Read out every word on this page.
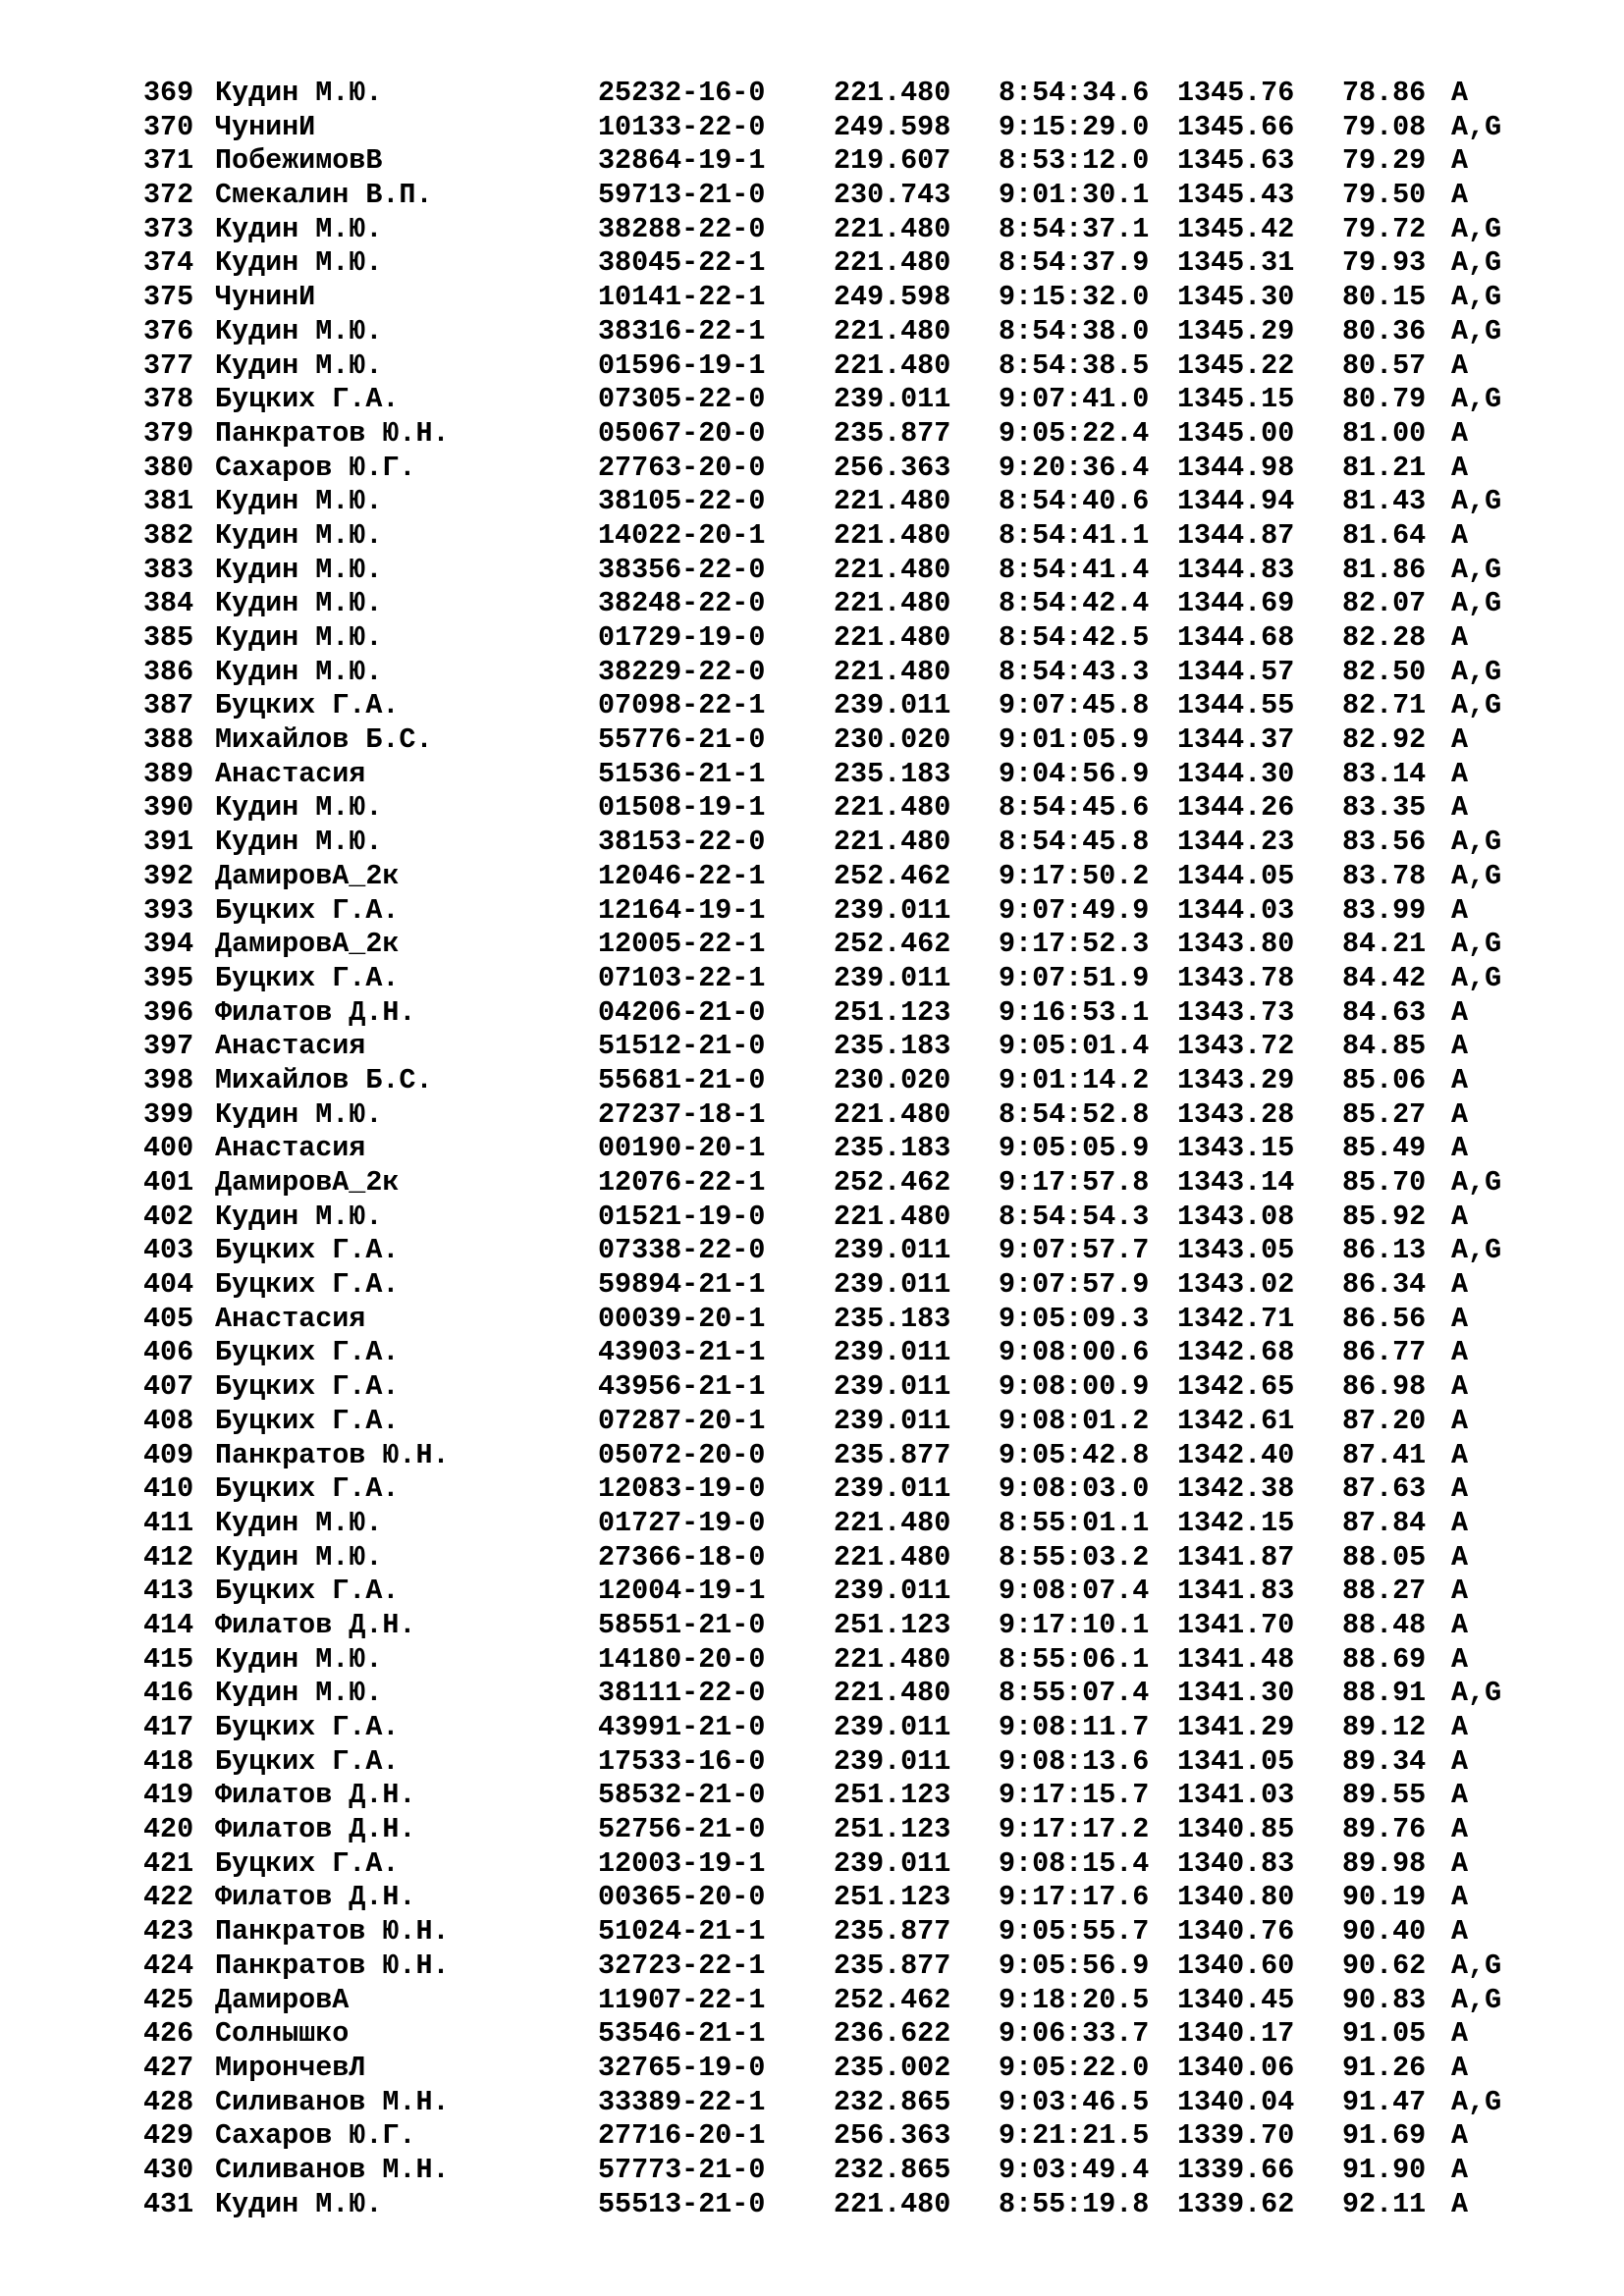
369 Кудин М.Ю.	25232-16-0 221.480 8:54:34.6 1345.76 78.86 A
370 ЧунинИ	10133-22-0 249.598 9:15:29.0 1345.66 79.08 A,G
371 ПобежимовВ	32864-19-1 219.607 8:53:12.0 1345.63 79.29 A
372 Смекалин В.П.	59713-21-0 230.743 9:01:30.1 1345.43 79.50 A
373 Кудин М.Ю.	38288-22-0 221.480 8:54:37.1 1345.42 79.72 A,G
374 Кудин М.Ю.	38045-22-1 221.480 8:54:37.9 1345.31 79.93 A,G
375 ЧунинИ	10141-22-1 249.598 9:15:32.0 1345.30 80.15 A,G
376 Кудин М.Ю.	38316-22-1 221.480 8:54:38.0 1345.29 80.36 A,G
377 Кудин М.Ю.	01596-19-1 221.480 8:54:38.5 1345.22 80.57 A
378 Буцких Г.А.	07305-22-0 239.011 9:07:41.0 1345.15 80.79 A,G
379 Панкратов Ю.Н.	05067-20-0 235.877 9:05:22.4 1345.00 81.00 A
380 Сахаров Ю.Г.	27763-20-0 256.363 9:20:36.4 1344.98 81.21 A
381 Кудин М.Ю.	38105-22-0 221.480 8:54:40.6 1344.94 81.43 A,G
382 Кудин М.Ю.	14022-20-1 221.480 8:54:41.1 1344.87 81.64 A
383 Кудин М.Ю.	38356-22-0 221.480 8:54:41.4 1344.83 81.86 A,G
384 Кудин М.Ю.	38248-22-0 221.480 8:54:42.4 1344.69 82.07 A,G
385 Кудин М.Ю.	01729-19-0 221.480 8:54:42.5 1344.68 82.28 A
386 Кудин М.Ю.	38229-22-0 221.480 8:54:43.3 1344.57 82.50 A,G
387 Буцких Г.А.	07098-22-1 239.011 9:07:45.8 1344.55 82.71 A,G
388 Михайлов Б.С.	55776-21-0 230.020 9:01:05.9 1344.37 82.92 A
389 Анастасия	51536-21-1 235.183 9:04:56.9 1344.30 83.14 A
390 Кудин М.Ю.	01508-19-1 221.480 8:54:45.6 1344.26 83.35 A
391 Кудин М.Ю.	38153-22-0 221.480 8:54:45.8 1344.23 83.56 A,G
392 ДамировА_2к	12046-22-1 252.462 9:17:50.2 1344.05 83.78 A,G
393 Буцких Г.А.	12164-19-1 239.011 9:07:49.9 1344.03 83.99 A
394 ДамировА_2к	12005-22-1 252.462 9:17:52.3 1343.80 84.21 A,G
395 Буцких Г.А.	07103-22-1 239.011 9:07:51.9 1343.78 84.42 A,G
396 Филатов Д.Н.	04206-21-0 251.123 9:16:53.1 1343.73 84.63 A
397 Анастасия	51512-21-0 235.183 9:05:01.4 1343.72 84.85 A
398 Михайлов Б.С.	55681-21-0 230.020 9:01:14.2 1343.29 85.06 A
399 Кудин М.Ю.	27237-18-1 221.480 8:54:52.8 1343.28 85.27 A
400 Анастасия	00190-20-1 235.183 9:05:05.9 1343.15 85.49 A
401 ДамировА_2к	12076-22-1 252.462 9:17:57.8 1343.14 85.70 A,G
402 Кудин М.Ю.	01521-19-0 221.480 8:54:54.3 1343.08 85.92 A
403 Буцких Г.А.	07338-22-0 239.011 9:07:57.7 1343.05 86.13 A,G
404 Буцких Г.А.	59894-21-1 239.011 9:07:57.9 1343.02 86.34 A
405 Анастасия	00039-20-1 235.183 9:05:09.3 1342.71 86.56 A
406 Буцких Г.А.	43903-21-1 239.011 9:08:00.6 1342.68 86.77 A
407 Буцких Г.А.	43956-21-1 239.011 9:08:00.9 1342.65 86.98 A
408 Буцких Г.А.	07287-20-1 239.011 9:08:01.2 1342.61 87.20 A
409 Панкратов Ю.Н.	05072-20-0 235.877 9:05:42.8 1342.40 87.41 A
410 Буцких Г.А.	12083-19-0 239.011 9:08:03.0 1342.38 87.63 A
411 Кудин М.Ю.	01727-19-0 221.480 8:55:01.1 1342.15 87.84 A
412 Кудин М.Ю.	27366-18-0 221.480 8:55:03.2 1341.87 88.05 A
413 Буцких Г.А.	12004-19-1 239.011 9:08:07.4 1341.83 88.27 A
414 Филатов Д.Н.	58551-21-0 251.123 9:17:10.1 1341.70 88.48 A
415 Кудин М.Ю.	14180-20-0 221.480 8:55:06.1 1341.48 88.69 A
416 Кудин М.Ю.	38111-22-0 221.480 8:55:07.4 1341.30 88.91 A,G
417 Буцких Г.А.	43991-21-0 239.011 9:08:11.7 1341.29 89.12 A
418 Буцких Г.А.	17533-16-0 239.011 9:08:13.6 1341.05 89.34 A
419 Филатов Д.Н.	58532-21-0 251.123 9:17:15.7 1341.03 89.55 A
420 Филатов Д.Н.	52756-21-0 251.123 9:17:17.2 1340.85 89.76 A
421 Буцких Г.А.	12003-19-1 239.011 9:08:15.4 1340.83 89.98 A
422 Филатов Д.Н.	00365-20-0 251.123 9:17:17.6 1340.80 90.19 A
423 Панкратов Ю.Н.	51024-21-1 235.877 9:05:55.7 1340.76 90.40 A
424 Панкратов Ю.Н.	32723-22-1 235.877 9:05:56.9 1340.60 90.62 A,G
425 ДамировА	11907-22-1 252.462 9:18:20.5 1340.45 90.83 A,G
426 Солнышко	53546-21-1 236.622 9:06:33.7 1340.17 91.05 A
427 МирончевЛ	32765-19-0 235.002 9:05:22.0 1340.06 91.26 A
428 Силиванов М.Н.	33389-22-1 232.865 9:03:46.5 1340.04 91.47 A,G
429 Сахаров Ю.Г.	27716-20-1 256.363 9:21:21.5 1339.70 91.69 A
430 Силиванов М.Н.	57773-21-0 232.865 9:03:49.4 1339.66 91.90 A
431 Кудин М.Ю.	55513-21-0 221.480 8:55:19.8 1339.62 92.11 A
